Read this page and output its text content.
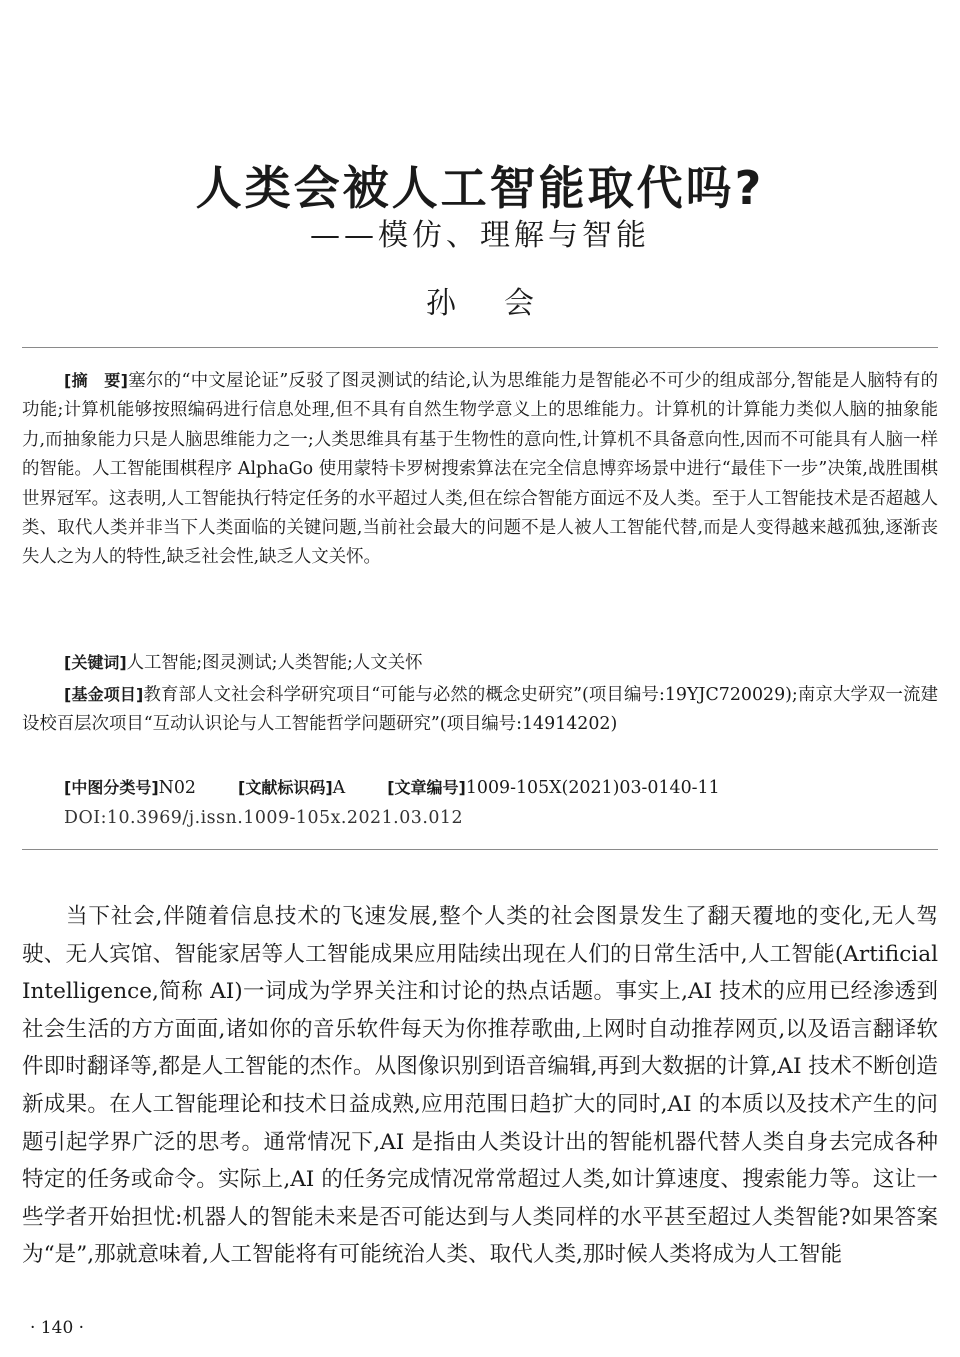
人类会被人工智能取代吗?
——模仿、理解与智能
孙会

[摘　要]塞尔的“中文屋论证”反驳了图灵测试的结论,认为思维能力是智能必不可少的组成部分,智能是人脑特有的功能;计算机能够按照编码进行信息处理,但不具有自然生物学意义上的思维能力。计算机的计算能力类似人脑的抽象能力,而抽象能力只是人脑思维能力之一;人类思维具有基于生物性的意向性,计算机不具备意向性,因而不可能具有人脑一样的智能。人工智能围棋程序 AlphaGo 使用蒙特卡罗树搜索算法在完全信息博弈场景中进行“最佳下一步”决策,战胜围棋世界冠军。这表明,人工智能执行特定任务的水平超过人类,但在综合智能方面远不及人类。至于人工智能技术是否超越人类、取代人类并非当下人类面临的关键问题,当前社会最大的问题不是人被人工智能代替,而是人变得越来越孤独,逐渐丧失人之为人的特性,缺乏社会性,缺乏人文关怀。

[关键词]人工智能;图灵测试;人类智能;人文关怀

[基金项目]教育部人文社会科学研究项目“可能与必然的概念史研究”(项目编号:19YJC720029);南京大学双一流建设校百层次项目“互动认识论与人工智能哲学问题研究”(项目编号:14914202)

[中图分类号]N02	[文献标识码]A	[文章编号]1009-105X(2021)03-0140-11

DOI:10.3969/j.issn.1009-105x.2021.03.012

当下社会,伴随着信息技术的飞速发展,整个人类的社会图景发生了翻天覆地的变化,无人驾驶、无人宾馆、智能家居等人工智能成果应用陆续出现在人们的日常生活中,人工智能(Artificial Intelligence,简称 AI)一词成为学界关注和讨论的热点话题。事实上,AI 技术的应用已经渗透到社会生活的方方面面,诸如你的音乐软件每天为你推荐歌曲,上网时自动推荐网页,以及语言翻译软件即时翻译等,都是人工智能的杰作。从图像识别到语音编辑,再到大数据的计算,AI 技术不断创造新成果。在人工智能理论和技术日益成熟,应用范围日趋扩大的同时,AI 的本质以及技术产生的问题引起学界广泛的思考。通常情况下,AI 是指由人类设计出的智能机器代替人类自身去完成各种特定的任务或命令。实际上,AI 的任务完成情况常常超过人类,如计算速度、搜索能力等。这让一些学者开始担忧:机器人的智能未来是否可能达到与人类同样的水平甚至超过人类智能?如果答案为“是”,那就意味着,人工智能将有可能统治人类、取代人类,那时候人类将成为人工智能

· 140 ·
